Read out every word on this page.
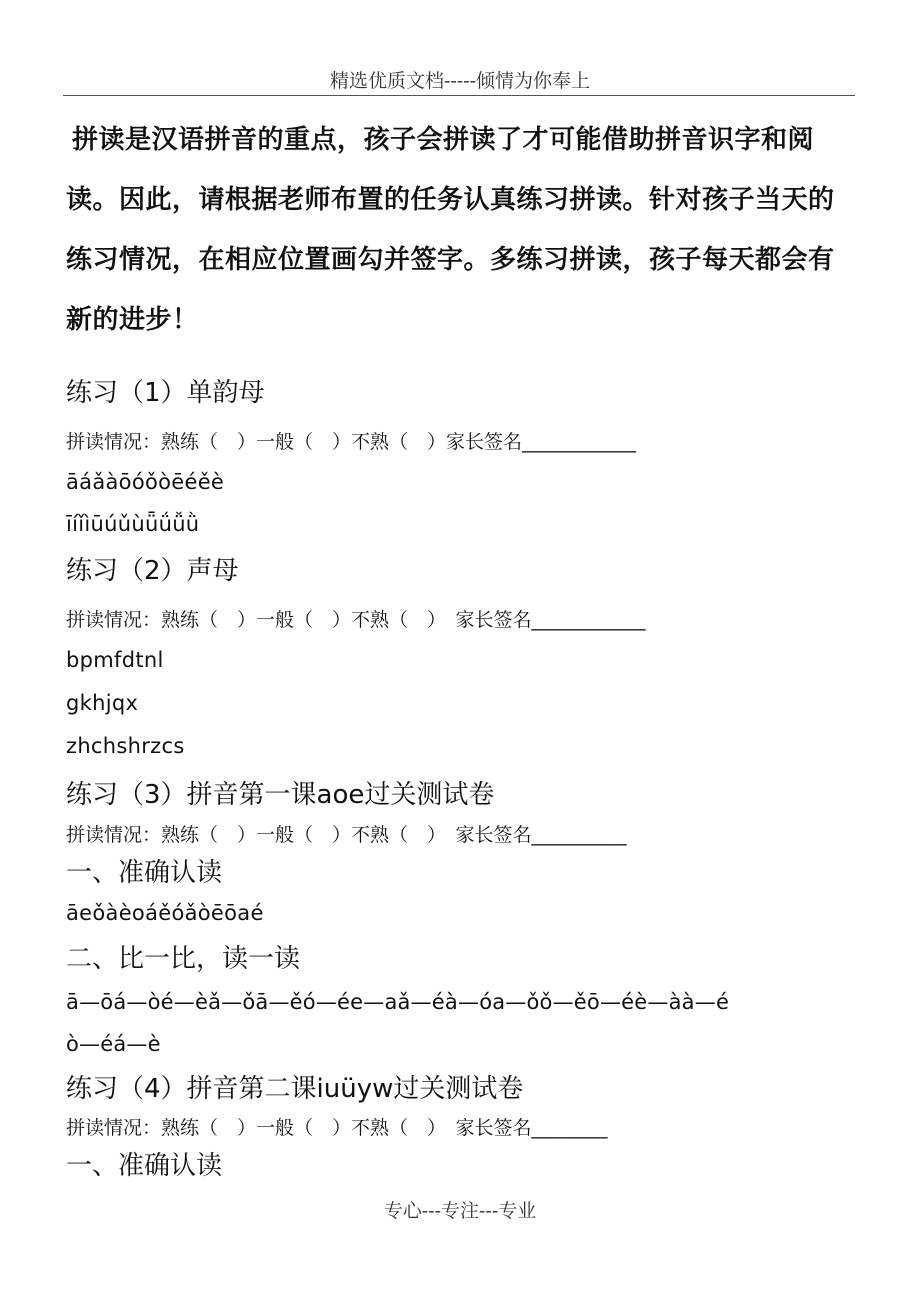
精选优质文档-----倾情为你奉上
拼读是汉语拼音的重点，孩子会拼读了才可能借助拼音识字和阅读。因此，请根据老师布置的任务认真练习拼读。针对孩子当天的练习情况，在相应位置画勾并签字。多练习拼读，孩子每天都会有新的进步！
练习（1）单韵母
拼读情况：熟练（　）一般（　）不熟（　）家长签名____________
āáǎàōóǒòēéěè
īíǐìūúǔùǖǘǚǜ
练习（2）声母
拼读情况：熟练（　）一般（　）不熟（　）　家长签名____________
bpmfdtnl
gkhjqx
zhchshrzcs
练习（3）拼音第一课aoe过关测试卷
拼读情况：熟练（　）一般（　）不熟（　）　家长签名__________
一、准确认读
āeǒàèoáěóǎòēōaé
二、比一比，读一读
ā—ōá—òé—èǎ—ǒā—ěó—ée—aǎ—éà—óa—ǒǒ—ěō—éè—àà—é
ò—éá—è
练习（4）拼音第二课iuüyw过关测试卷
拼读情况：熟练（　）一般（　）不熟（　）　家长签名________
一、准确认读
专心---专注---专业
